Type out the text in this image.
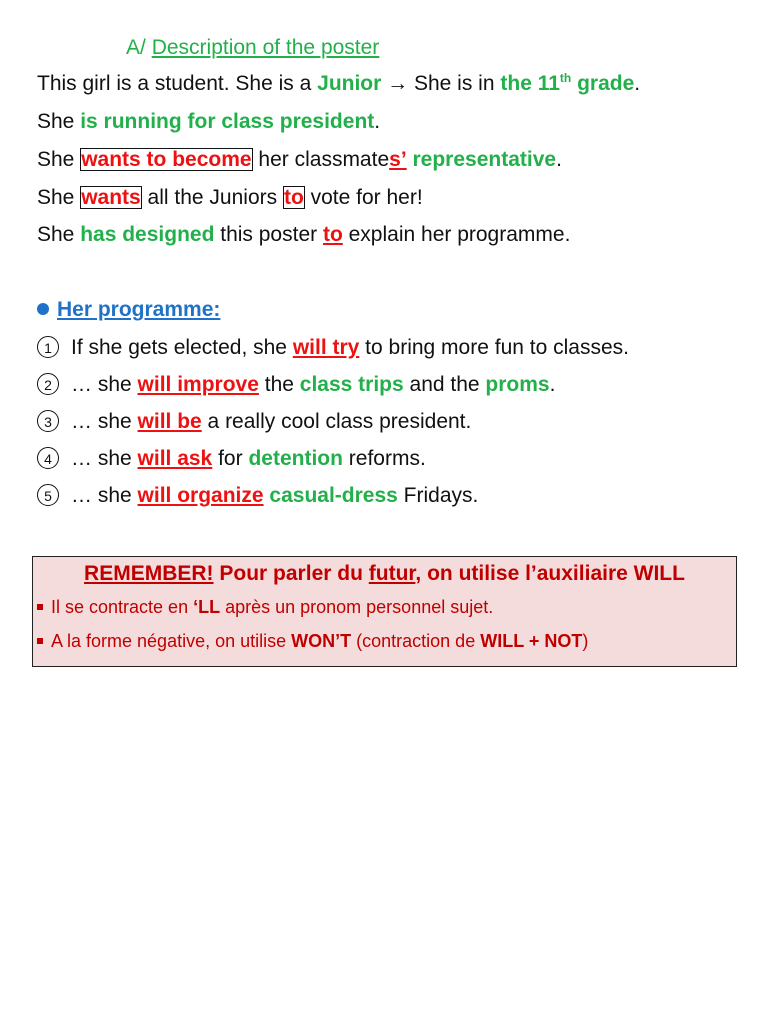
A/ Description of the poster
This girl is a student. She is a Junior → She is in the 11th grade.
She is running for class president.
She wants to become her classmates’ representative.
She wants all the Juniors to vote for her!
She has designed this poster to explain her programme.
Her programme:
1 If she gets elected, she will try to bring more fun to classes.
2 … she will improve the class trips and the proms.
3 … she will be a really cool class president.
4 … she will ask for detention reforms.
5 … she will organize casual-dress Fridays.
REMEMBER! Pour parler du futur, on utilise l’auxiliaire WILL
Il se contracte en ‘LL après un pronom personnel sujet.
A la forme négative, on utilise WON’T (contraction de WILL + NOT)
